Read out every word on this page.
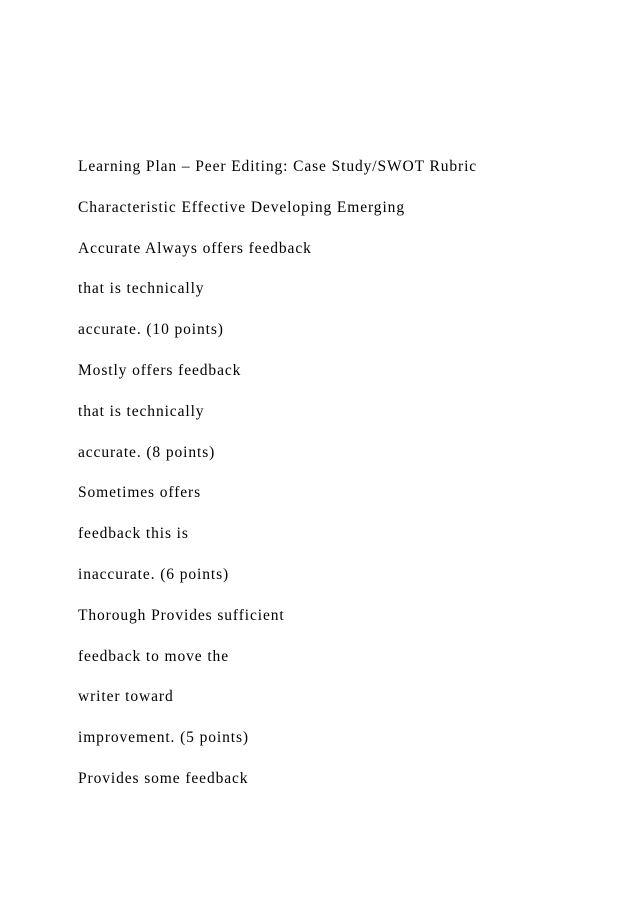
Learning Plan – Peer Editing: Case Study/SWOT Rubric
Characteristic Effective Developing Emerging
Accurate Always offers feedback
that is technically
accurate. (10 points)
Mostly offers feedback
that is technically
accurate. (8 points)
Sometimes offers
feedback this is
inaccurate. (6 points)
Thorough Provides sufficient
feedback to move the
writer toward
improvement. (5 points)
Provides some feedback
